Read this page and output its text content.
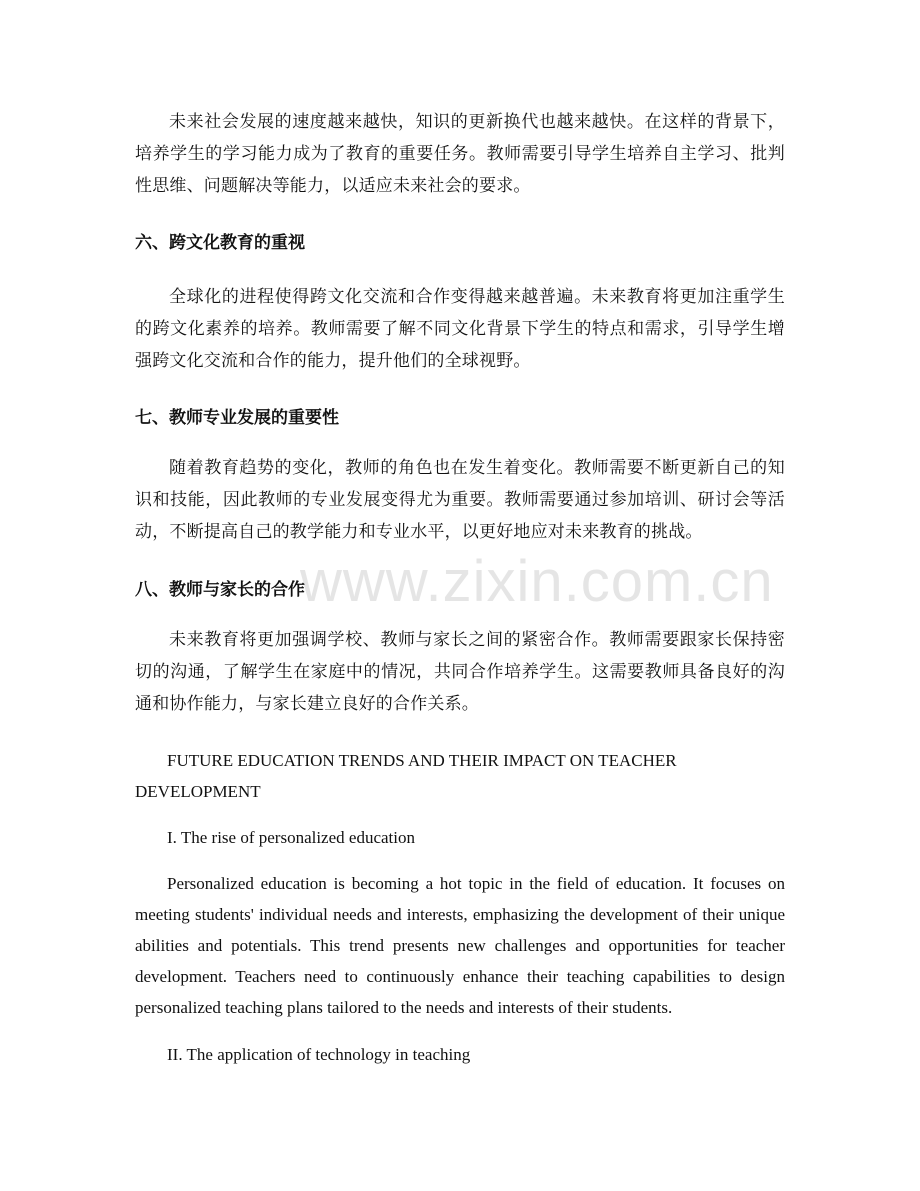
未来社会发展的速度越来越快，知识的更新换代也越来越快。在这样的背景下，培养学生的学习能力成为了教育的重要任务。教师需要引导学生培养自主学习、批判性思维、问题解决等能力，以适应未来社会的要求。

六、跨文化教育的重视

全球化的进程使得跨文化交流和合作变得越来越普遍。未来教育将更加注重学生的跨文化素养的培养。教师需要了解不同文化背景下学生的特点和需求，引导学生增强跨文化交流和合作的能力，提升他们的全球视野。

七、教师专业发展的重要性

随着教育趋势的变化，教师的角色也在发生着变化。教师需要不断更新自己的知识和技能，因此教师的专业发展变得尤为重要。教师需要通过参加培训、研讨会等活动，不断提高自己的教学能力和专业水平，以更好地应对未来教育的挑战。

八、教师与家长的合作

未来教育将更加强调学校、教师与家长之间的紧密合作。教师需要跟家长保持密切的沟通，了解学生在家庭中的情况，共同合作培养学生。这需要教师具备良好的沟通和协作能力，与家长建立良好的合作关系。

FUTURE EDUCATION TRENDS AND THEIR IMPACT ON TEACHER DEVELOPMENT

I. The rise of personalized education

Personalized education is becoming a hot topic in the field of education. It focuses on meeting students' individual needs and interests, emphasizing the development of their unique abilities and potentials. This trend presents new challenges and opportunities for teacher development. Teachers need to continuously enhance their teaching capabilities to design personalized teaching plans tailored to the needs and interests of their students.

II. The application of technology in teaching

www.zixin.com.cn
